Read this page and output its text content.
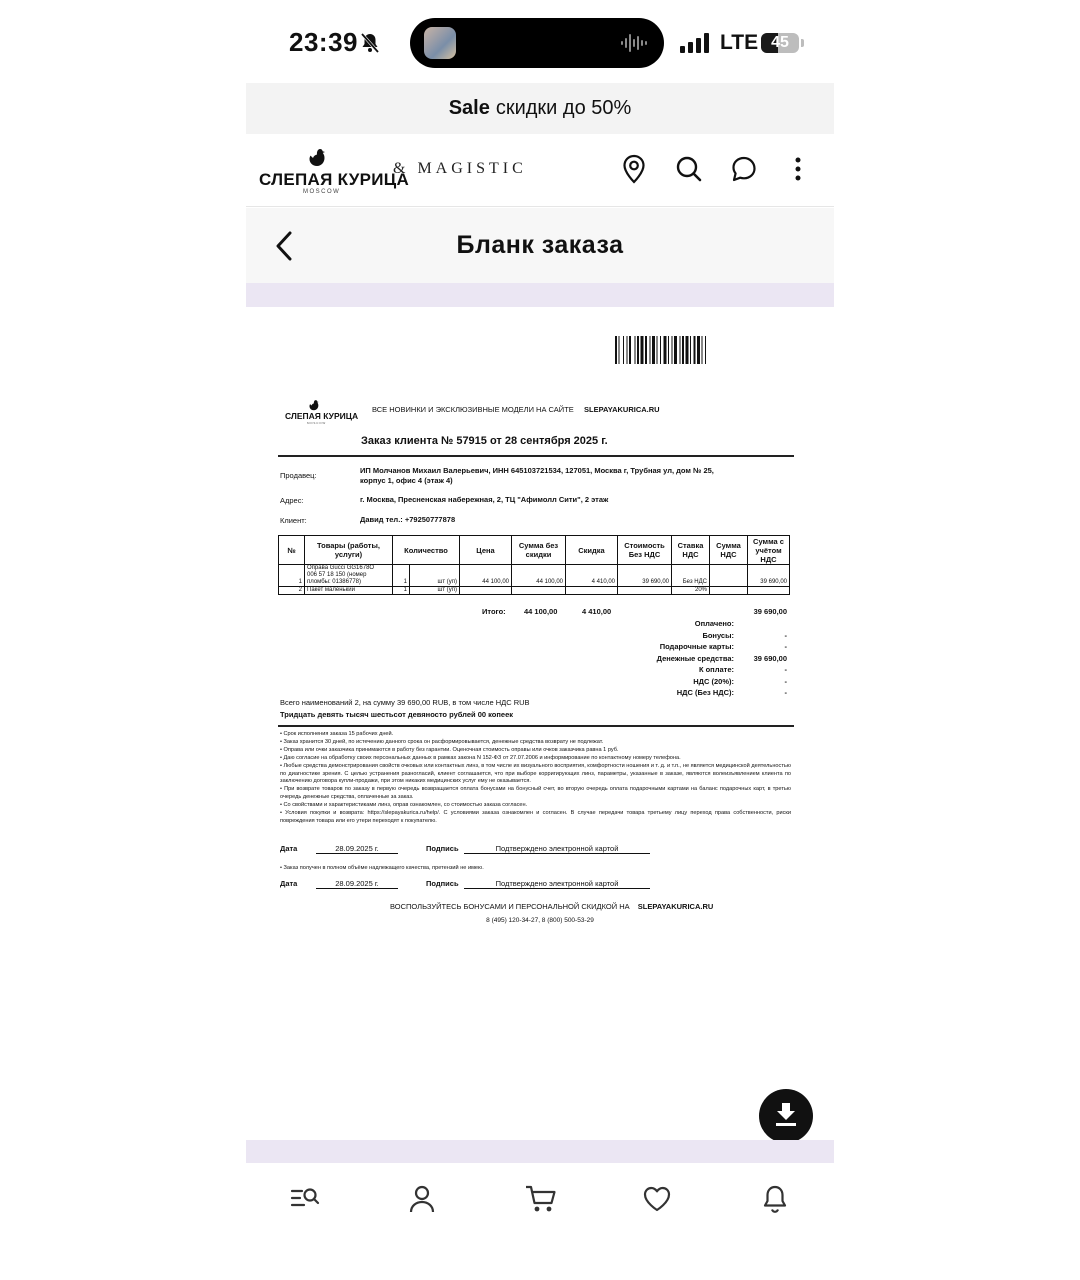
23:39	LTE 45
Sale скидки до 50%
СЛЕПАЯ КУРИЦА
MOSCOW
& MAGISTIC
Бланк заказа
СЛЕПАЯ КУРИЦА
MOSCOW
ВСЕ НОВИНКИ И ЭКСКЛЮЗИВНЫЕ МОДЕЛИ НА САЙТЕ SLEPAYAKURICA.RU
Заказ клиента № 57915 от 28 сентября 2025 г.
Продавец:
ИП Молчанов Михаил Валерьевич, ИНН 645103721534, 127051, Москва г, Трубная ул, дом № 25,
корпус 1, офис 4 (этаж 4)
Адрес:	г. Москва, Пресненская набережная, 2, ТЦ "Афимолл Сити", 2 этаж
Клиент:	Давид тел.: +79250777878
№	Товары (работы, услуги)	Количество		Цена	Сумма без скидки	Скидка	Стоимость Без НДС	Ставка НДС	Сумма НДС	Сумма с учётом НДС
1	Оправа Gucci GG1678O
006 57 18 150 (номер
пломбы: 01386778)	1	шт (уп)	44 100,00	44 100,00	4 410,00	39 690,00	Без НДС		39 690,00
2	Пакет маленький	1	шт (уп)					20%		
Итого: 44 100,00	4 410,00	39 690,00
Оплачено:
Бонусы:	-
Подарочные карты:	-
Денежные средства:	39 690,00
К оплате:	-
НДС (20%):	-
НДС (Без НДС):	-
Всего наименований 2, на сумму 39 690,00 RUB, в том числе НДС RUB
Тридцать девять тысяч шестьсот девяносто рублей 00 копеек
• Срок исполнения заказа 15 рабочих дней.
• Заказ хранится 30 дней, по истечению данного срока он расформировывается, денежные средства возврату не подлежат.
• Оправа или очки заказчика принимаются в работу без гарантии. Оценочная стоимость оправы или очков заказчика равна 1 руб.
• Даю согласие на обработку своих персональных данных в рамках закона N 152-ФЗ от 27.07.2006 и информирование по контактному номеру телефона.
• Любые средства демонстрирования свойств очковых или контактных линз, в том числе их визуального восприятия, комфортности ношения и т. д. и т.п., не является медицинской деятельностью по диагностике зрения. С целью устранения разногласий, клиент соглашается, что при выборе корригирующих линз, параметры, указанные в заказе, являются волеизъявлением клиента по заключению договора купли-продажи, при этом никаких медицинских услуг ему не оказывается.
• При возврате товаров по заказу в первую очередь возвращается оплата бонусами на бонусный счет, во вторую очередь оплата подарочными картами на баланс подарочных карт, в третью очередь денежные средства, оплаченные за заказ.
• Со свойствами и характеристиками линз, оправ ознакомлен, со стоимостью заказа согласен.
• Условия покупки и возврата: https://slepayakurica.ru/help/. С условиями заказа ознакомлен и согласен. В случае передачи товара третьему лицу переход права собственности, риски повреждения товара или его утери переходят к покупателю.
Дата	28.09.2025 г.	Подпись	Подтверждено электронной картой
• Заказ получен в полном объёме надлежащего качества, претензий не имею.
Дата	28.09.2025 г.	Подпись	Подтверждено электронной картой
ВОСПОЛЬЗУЙТЕСЬ БОНУСАМИ И ПЕРСОНАЛЬНОЙ СКИДКОЙ НА SLEPAYAKURICA.RU
8 (495) 120-34-27, 8 (800) 500-53-29
